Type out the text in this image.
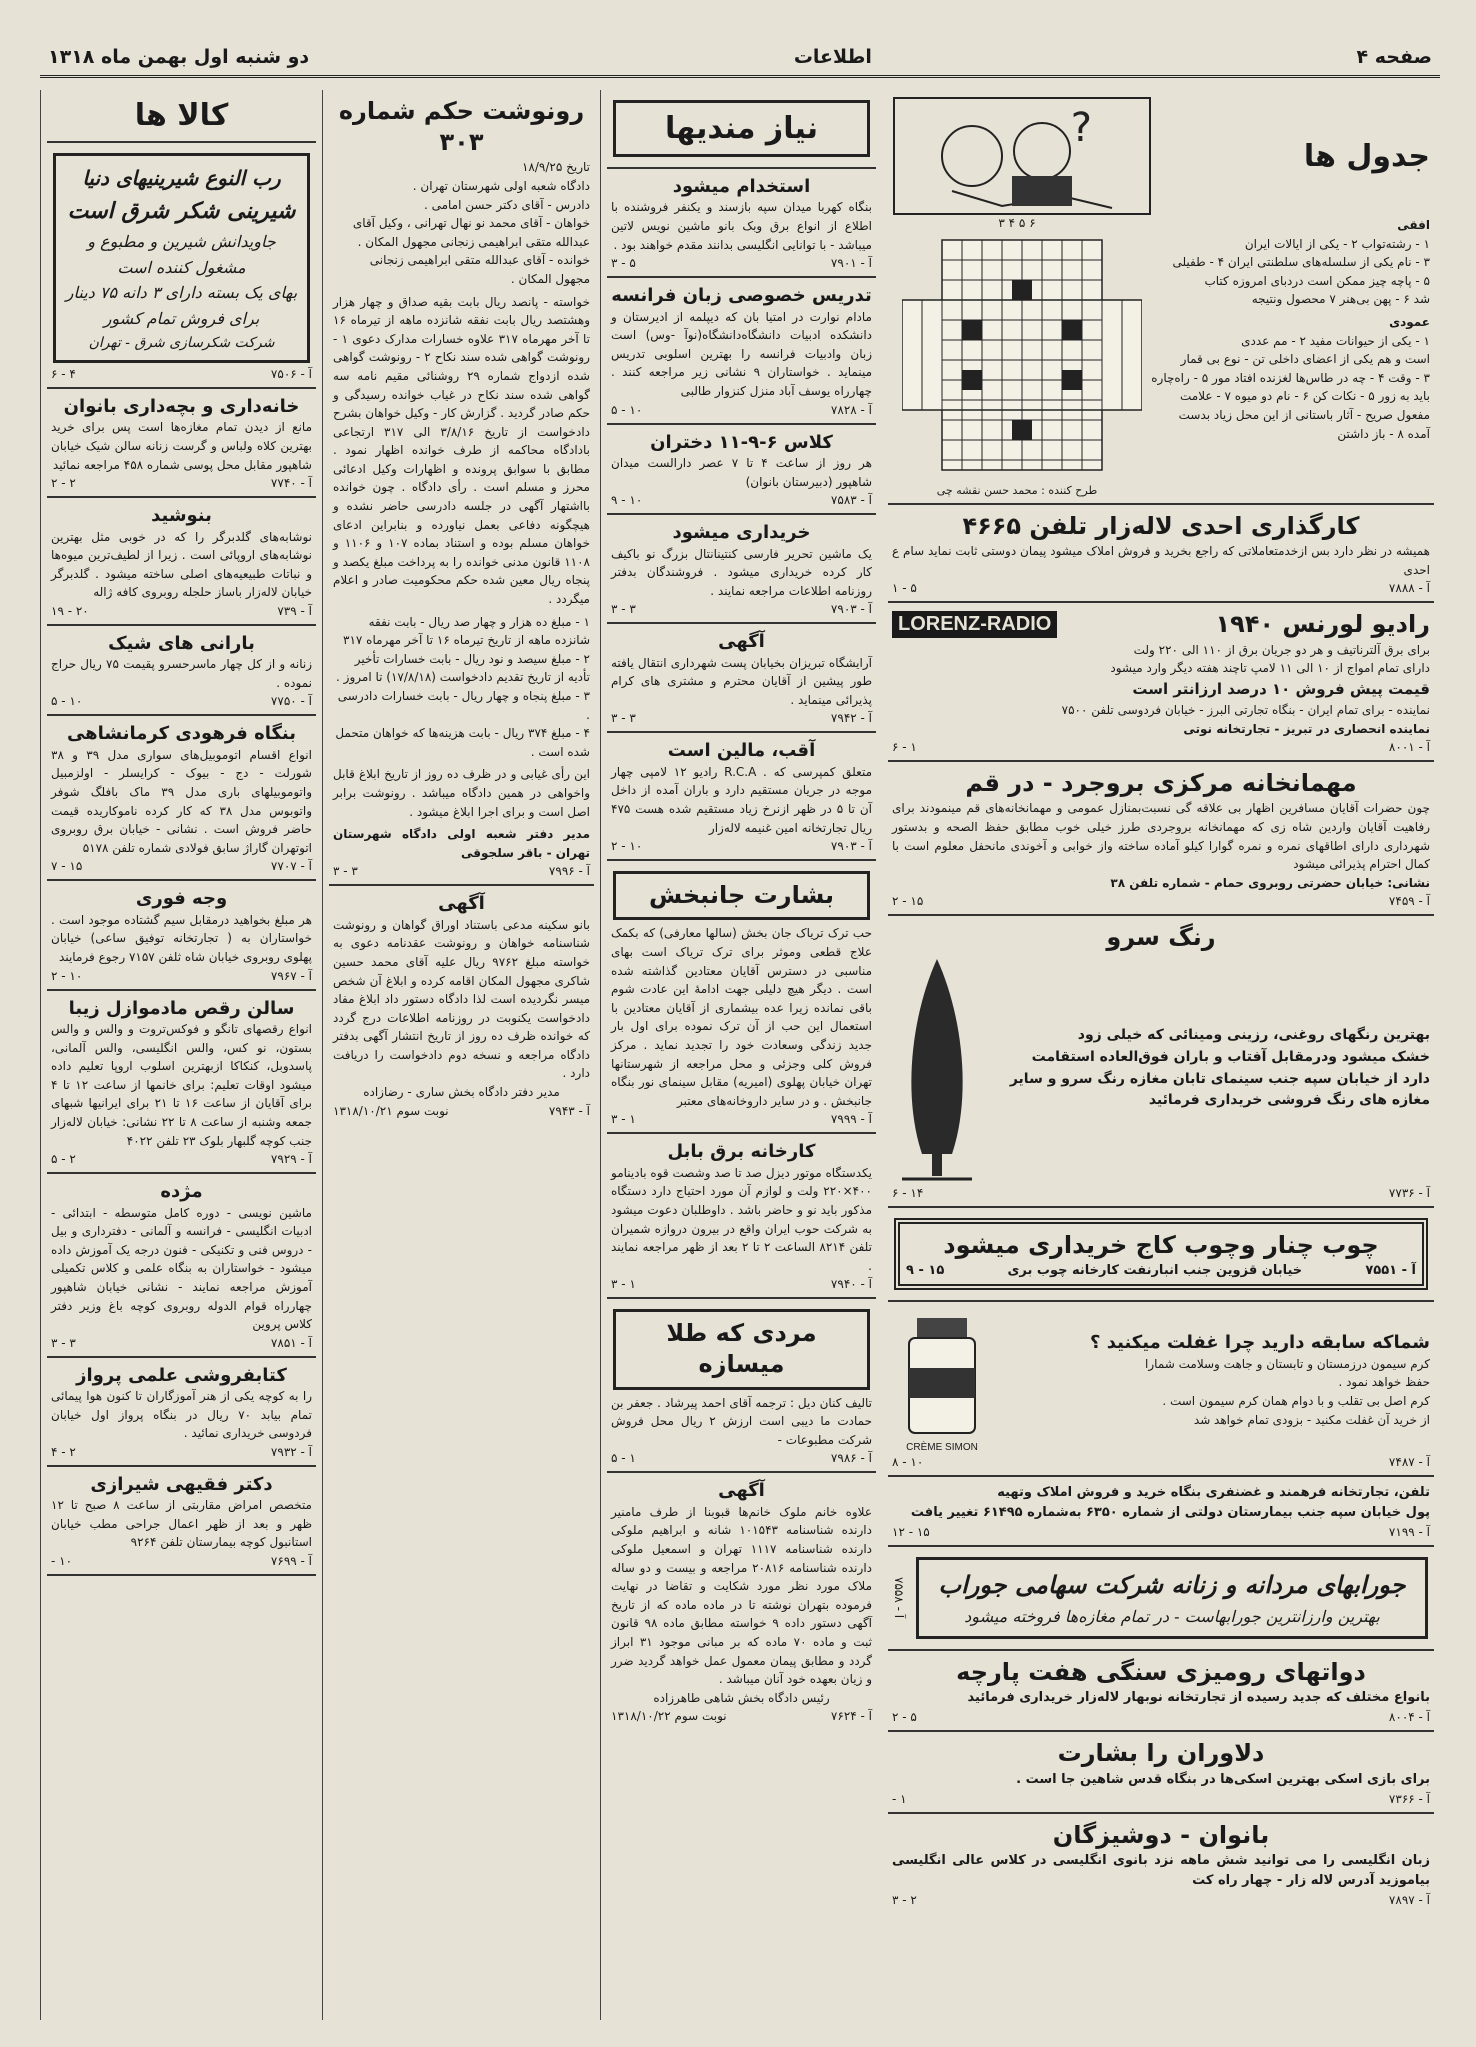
صفحه ۴
اطلاعات
دو شنبه اول بهمن ماه ۱۳۱۸
جدول ها
?
افقی
۱ - رشته‌تواب ۲ - یکی از ایالات ایران
۳ - نام یکی از سلسله‌های سلطنتی ایران ۴ - طفیلی
۵ - پاچه چیز ممکن است دردبای امروزه کتاب
شد ۶ - پهن بی‌هنر ۷ محصول ونتیجه
عمودی
۱ - یکی از حیوانات مفید ۲ - مم عددی
است و هم یکی از اعضای داخلی تن - نوع بی قمار
۳ - وقت ۴ - چه در طاس‌ها لغزنده افتاد مور ۵ - راه‌چاره
باید به زور ۵ - نکات کن ۶ - نام دو میوه ۷ - علامت
مفعول صریح - آثار باستانی از این محل زیاد بدست
آمده ۸ - باز داشتن
۶ ۵ ۴ ۳
طرح کننده : محمد حسن نقشه چی
کارگذاری احدی لاله‌زار تلفن ۴۶۶۵

همیشه در نظر دارد بس ازخدمتعاملاتی که راجع بخرید و فروش املاک میشود پیمان دوستی ثابت نماید سام ع احدی

آ - ۷۸۸۸
۵ - ۱
رادیو لورنس ۱۹۴۰
LORENZ-RADIO
برای برق آلترناتیف و هر دو جریان برق از ۱۱۰ الی ۲۲۰ ولت
دارای تمام امواج از ۱۰ الی ۱۱ لامپ تاچند هفته دیگر وارد میشود
قیمت پیش فروش ۱۰ درصد ارزانتر است
نماینده - برای تمام ایران - بنگاه تجارتی البرز - خیابان فردوسی تلفن ۷۵۰۰
نماینده انحصاری در تبریز - تجارتخانه نوتی
آ - ۸۰۰۱
۱ - ۶
مهمانخانه مرکزی بروجرد - در قم

چون حضرات آقایان مسافرین اظهار بی علاقه گی نسبت‌بمنازل عمومی و مهمانخانه‌های قم مینمودند برای رفاهیت آقایان واردین شاه زی که مهمانخانه بروجردی طرز خیلی خوب مطابق حفظ الصحه و بدستور شهرداری دارای اطاقهای نمره و نمره گوارا کیلو آماده ساخته واز خوابی و آخوندی مانحفل معلوم است با کمال احترام پذیرائی میشود

نشانی: خیابان حضرتی روبروی حمام - شماره تلفن ۳۸

آ - ۷۴۵۹
۱۵ - ۲
رنگ سرو
بهترین رنگهای روغنی، رزینی ومینائی که خیلی زود
خشک میشود ودرمقابل آفتاب و باران فوق‌العاده استقامت
دارد از خیابان سپه جنب سینمای تابان مغازه رنگ سرو و سایر
مغازه های رنگ فروشی خریداری فرمائید
آ - ۷۷۳۶
۱۴ - ۶
چوب چنار وچوب کاج خریداری میشود
آ - ۷۵۵۱
خیابان قزوین جنب انبارنفت کارخانه چوب بری
۱۵ - ۹
شماکه سابقه دارید چرا غفلت میکنید ؟
کرم سیمون درزمستان و تابستان و جاهت وسلامت شمارا
حفظ خواهد نمود .
کرم اصل بی تقلب و با دوام همان کرم سیمون است .
از خرید آن غفلت مکنید - بزودی تمام خواهد شد
CRÈME SIMON
آ - ۷۴۸۷
۱۰ - ۸
تلفن، تجارتخانه فرهمند و غضنفری بنگاه خرید و فروش املاک وتهیه
پول خیابان سپه جنب بیمارستان دولتی از شماره ۶۳۵۰ به‌شماره ۶۱۴۹۵ تغییر یافت
آ - ۷۱۹۹
۱۵ - ۱۲
جورابهای مردانه و زنانه شرکت سهامی جوراب
بهترین وارزانترین جورابهاست - در تمام مغازه‌ها فروخته میشود
آ - ۷۵۵۸
دواتهای رومیزی سنگی هفت پارچه

بانواع مختلف که جدید رسیده از تجارتخانه نوبهار لاله‌زار خریداری فرمائید

آ - ۸۰۰۴
۵ - ۲
دلاوران را بشارت

برای بازی اسکی بهترین اسکی‌ها در بنگاه قدس شاهین جا است .

آ - ۷۳۶۶
۱ -
بانوان - دوشیزگان

زبان انگلیسی را می توانید شش ماهه نزد بانوی انگلیسی در کلاس عالی انگلیسی بیاموزید آدرس لاله زار - چهار راه کت

آ - ۷۸۹۷
۲ - ۳
نیاز مندیها
استخدام میشود

بنگاه کهربا میدان سپه بازسند و یکنفر فروشنده با اطلاع از انواع برق وبک بانو ماشین نویس لاتین میباشد - با توانایی انگلیسی بدانند مقدم خواهند بود .

آ - ۷۹۰۱
۵ - ۳
تدریس خصوصی زبان فرانسه

مادام نوارت در امتیا بان که دیپلمه از ادیرستان و دانشکده ادبیات دانشگاه‌دانشگاه‌(نوآ ‌-وس) است زبان وادبیات فرانسه را بهترین اسلوبی تدریس مینماید . خواستاران ۹ نشانی زیر مراجعه کنند . چهارراه یوسف آباد منزل کنزوار طالبی

آ - ۷۸۲۸
۱۰ - ۵
کلاس ۶-۹-۱۱ دختران

هر روز از ساعت ۴ تا ۷ عصر دارالست میدان شاهپور (دبیرستان بانوان)

آ - ۷۵۸۳
۱۰ - ۹
خریداری میشود

یک ماشین تحریر فارسی کنتینانتال بزرگ نو باکیف کار کرده خریداری میشود . فروشندگان بدفتر روزنامه اطلاعات مراجعه نمایند .

آ - ۷۹۰۳
۳ - ۳
آگهی

آرایشگاه تبریزان بخیابان پست شهرداری انتقال یافته طور پیشین از آقایان محترم و مشتری های کرام پذیرائی مینماید .

آ - ۷۹۴۲
۳ - ۳
آقب، مالین است

متعلق کمپرسی که . R.C.A رادیو ۱۲ لامپی چهار موجه در جریان مستقیم دارد و باران آمده از داخل آن تا ۵ در ظهر ازنرخ زیاد مستقیم شده هست ۴۷۵ ریال تجارتخانه امین غنیمه لاله‌زار

آ - ۷۹۰۳
۱۰ - ۲
بشارت جانبخش

حب ترک تریاک جان بخش (سالها معارفی) که بکمک علاج قطعی وموثر برای ترک تریاک است بهای مناسبی در دسترس آقایان معتادین گذاشته شده است . دیگر هیچ دلیلی جهت ادامهٔ این عادت شوم باقی نمانده زیرا عده بیشماری از آقایان معتادین با استعمال این حب از آن ترک نموده برای اول بار جدید زندگی وسعادت خود را تجدید نماید . مرکز فروش کلی وجزئی و محل مراجعه از شهرستانها تهران خیابان پهلوی (امیریه) مقابل سینمای نور بنگاه جانبخش . و در سایر داروخانه‌های معتبر

آ - ۷۹۹۹
۱ - ۳
کارخانه برق بابل

یکدستگاه موتور دیزل صد تا صد وشصت قوه بادینامو ۴۰۰×۲۲۰ ولت و لوازم آن مورد احتیاج دارد دستگاه مذکور باید نو و حاضر باشد . داوطلبان دعوت میشود به شرکت حوب ایران واقع در بیرون دروازه شمیران تلفن ۸۲۱۴ الساعت ۲ تا ۲ بعد از ظهر مراجعه نمایند .

آ - ۷۹۴۰
۱ - ۳
مردی که طلا میسازه

تالیف کنان دیل : ترجمه آقای احمد پیرشاد . جعفر بن حمادت ما دیبی است ارزش ۲ ریال محل فروش شرکت مطبوعات -

آ - ۷۹۸۶
۱ - ۵
آگهی

علاوه خانم ملوک خانم‌ها قبوبنا از طرف مامنیر دارنده شناسنامه ۱۰۱۵۴۳ شانه و ابراهیم ملوکی دارنده شناسنامه ۱۱۱۷ تهران و اسمعیل ملوکی دارنده شناسنامه ۲۰۸۱۶ مراجعه و بیست و دو ساله ملاک مورد نظر مورد شکایت و تقاضا در نهایت فرموده بتهران نوشته تا در ماده ماده که از تاریخ آگهی دستور داده ۹ خواسته مطابق ماده ۹۸ قانون ثبت و ماده ۷۰ ماده که بر مبانی موجود ۳۱ ابراز گردد و مطابق پیمان معمول عمل خواهد گردید ضرر و زیان بعهده خود آنان میباشد .

رئیس دادگاه بخش شاهی طاهرزاده

آ - ۷۶۲۴
نوبت سوم ۱۳۱۸/۱۰/۲۲
رونوشت حکم شماره ۳۰۳
تاریخ ۱۸/۹/۲۵
دادگاه شعبه اولی شهرستان تهران .
دادرس - آقای دکتر حسن امامی .
خواهان - آقای محمد نو نهال تهرانی ، وکیل آقای عبدالله متقی ابراهیمی زنجانی مجهول المکان .
خوانده - آقای عبدالله متقی ابراهیمی زنجانی مجهول المکان .

خواسته - پانصد ریال بابت بقیه صداق و چهار هزار وهشتصد ریال بابت نفقه شانزده ماهه از تیرماه ۱۶ تا آخر مهرماه ۳۱۷ علاوه خسارات مدارک دعوی ۱ - رونوشت گواهی شده سند نکاح ۲ - رونوشت گواهی شده ازدواج شماره ۲۹ روشنائی مقیم نامه سه گواهی شده سند نکاح در غیاب خوانده رسیدگی و حکم صادر گردید . گزارش کار - وکیل خواهان بشرح دادخواست از تاریخ ۳/۸/۱۶ الی ۳۱۷ ارتجاعی بادادگاه محاکمه از طرف خوانده اظهار نمود . مطابق با سوابق پرونده و اظهارات وکیل ادعائی محرز و مسلم است . رأی دادگاه . چون خوانده بااشتهار آگهی در جلسه دادرسی حاضر نشده و هیچگونه دفاعی بعمل نیاورده و بنابراین ادعای خواهان مسلم بوده و استناد بماده ۱۰۷ و ۱۱۰۶ و ۱۱۰۸ قانون مدنی خوانده را به پرداخت مبلغ یکصد و پنجاه ریال معین شده حکم محکومیت صادر و اعلام میگردد .

۱ - مبلغ ده هزار و چهار صد ریال - بابت نفقه شانزده ماهه از تاریخ تیرماه ۱۶ تا آخر مهرماه ۳۱۷
۲ - مبلغ سیصد و نود ریال - بابت خسارات تأخیر تأدیه از تاریخ تقدیم دادخواست (۱۷/۸/۱۸) تا امروز .
۳ - مبلغ پنجاه و چهار ریال - بابت خسارات دادرسی .
۴ - مبلغ ۳۷۴ ریال - بابت هزینه‌ها که خواهان متحمل شده است .

این رأی غیابی و در ظرف ده روز از تاریخ ابلاغ قابل واخواهی در همین دادگاه میباشد . رونوشت برابر اصل است و برای اجرا ابلاغ میشود .

مدیر دفتر شعبه اولی دادگاه شهرستان تهران - باقر سلجوقی

آ - ۷۹۹۶
۳ - ۳
آگهی

بانو سکینه مدعی باستناد اوراق گواهان و رونوشت شناسنامه خواهان و رونوشت عقدنامه دعوی به خواسته مبلغ ۹۷۶۲ ریال علیه آقای محمد حسین شاکری مجهول المکان اقامه کرده و ابلاغ آن شخص میسر نگردیده است لذا دادگاه دستور داد ابلاغ مفاد دادخواست یکنوبت در روزنامه اطلاعات درج گردد که خوانده ظرف ده روز از تاریخ انتشار آگهی بدفتر دادگاه مراجعه و نسخه دوم دادخواست را دریافت دارد .

مدیر دفتر دادگاه بخش ساری - رضازاده

آ - ۷۹۴۳
نوبت سوم ۱۳۱۸/۱۰/۲۱
کالا ها
رب النوع شیرینیهای دنیا
شیرینی شکر شرق است
جاویدانش شیرین و مطبوع و مشغول کننده است
بهای یک بسته دارای ۳ دانه ۷۵ دینار
برای فروش تمام کشور
شرکت شکرسازی شرق - تهران
آ - ۷۵۰۶
۴ - ۶
خانه‌داری و بچه‌داری بانوان

مانع از دیدن تمام مغازه‌ها است پس برای خرید بهترین کلاه ولباس و گرست زنانه سالن شیک خیابان شاهپور مقابل محل پوسی شماره ۴۵۸ مراجعه نمائید

آ - ۷۷۴۰
۲ - ۲
بنوشید

نوشابه‌های گلدبرگر را که در خوبی مثل بهترین نوشابه‌های اروپائی است . زیرا از لطیف‌ترین میوه‌ها و نباتات طبیعیه‌های اصلی ساخته میشود . گلدبرگر خیابان لاله‌زار باساز حلجله روبروی کافه ژاله

آ - ۷۳۹
۲۰ - ۱۹
بارانی های شیک

زنانه و از کل چهار ماسرحسرو پقیمت ۷۵ ریال حراج نموده .

آ - ۷۷۵۰
۱۰ - ۵
بنگاه فرهودی کرمانشاهی

انواع اقسام اتوموبیل‌های سواری مدل ۳۹ و ۳۸ شورلت - دج - بیوک - کرایسلر - اولزمبیل واتوموبیلهای باری مدل ۳۹ ماک بافلگ شوفر واتوبوس مدل ۳۸ که کار کرده ناموکاریده قیمت حاضر فروش است . نشانی - خیابان برق روبروی اتوتهران گاراژ سابق فولادی شماره تلفن ۵۱۷۸

آ - ۷۷۰۷
۱۵ - ۷
وجه فوری

هر مبلغ بخواهید درمقابل سیم گشتاده موجود است . خواستاران به ( تجارتخانه توفیق ساعی) خیابان پهلوی روبروی خیابان شاه ثلفن ۷۱۵۷ رجوع فرمایند

آ - ۷۹۶۷
۱۰ - ۲
سالن رقص مادموازل زیبا

انواع رقصهای تانگو و فوکس‌تروت و والس و والس بستون، نو کس، والس انگلیسی، والس آلمانی، پاسدوبل، کنکاکا ازبهترین اسلوب اروپا تعلیم داده میشود اوقات تعلیم: برای خانمها از ساعت ۱۲ تا ۴ برای آقایان از ساعت ۱۶ تا ۲۱ برای ایرانیها شبهای جمعه وشنبه از ساعت ۸ تا ۲۲ نشانی: خیابان لاله‌زار جنب کوچه گلبهار بلوک ۲۳ تلفن ۴۰۲۲

آ - ۷۹۲۹
۲ - ۵
مژده

ماشین نویسی - دوره کامل متوسطه - ابتدائی - ادبیات انگلیسی - فرانسه و آلمانی - دفترداری و بیل - دروس فنی و تکنیکی - فنون درجه یک آموزش داده میشود - خواستاران به بنگاه علمی و کلاس تکمیلی آموزش مراجعه نمایند - نشانی خیابان شاهپور چهارراه قوام الدوله روبروی کوچه باغ وزیر دفتر کلاس پروین

آ - ۷۸۵۱
۳ - ۳
کتابفروشی علمی پرواز

را به کوچه یکی از هنر آموزگاران تا کنون هوا پیمائی تمام بیابد ۷۰ ریال در بنگاه پرواز اول خیابان فردوسی خریداری نمائید .

آ - ۷۹۳۲
۲ - ۴
دکتر فقیهی شیرازی

متخصص امراض مقاربتی از ساعت ۸ صبح تا ۱۲ ظهر و بعد از ظهر اعمال جراحی مطب خیابان استانبول کوچه بیمارستان تلفن ۹۲۶۴

آ - ۷۶۹۹
۱۰ -
